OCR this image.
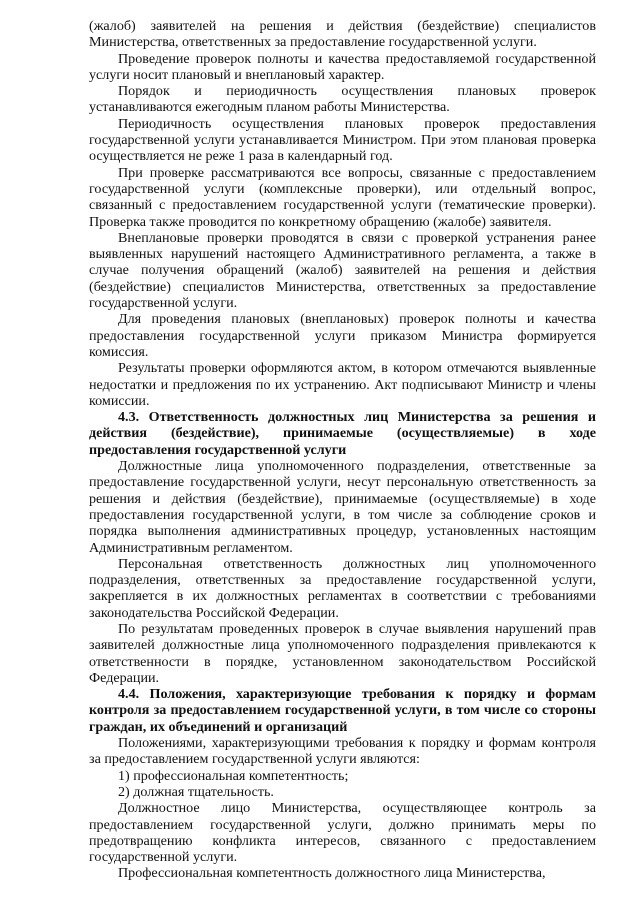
(жалоб) заявителей на решения и действия (бездействие) специалистов Министерства, ответственных за предоставление государственной услуги.

Проведение проверок полноты и качества предоставляемой государственной услуги носит плановый и внеплановый характер.

Порядок и периодичность осуществления плановых проверок устанавливаются ежегодным планом работы Министерства.

Периодичность осуществления плановых проверок предоставления государственной услуги устанавливается Министром. При этом плановая проверка осуществляется не реже 1 раза в календарный год.

При проверке рассматриваются все вопросы, связанные с предоставлением государственной услуги (комплексные проверки), или отдельный вопрос, связанный с предоставлением государственной услуги (тематические проверки). Проверка также проводится по конкретному обращению (жалобе) заявителя.

Внеплановые проверки проводятся в связи с проверкой устранения ранее выявленных нарушений настоящего Административного регламента, а также в случае получения обращений (жалоб) заявителей на решения и действия (бездействие) специалистов Министерства, ответственных за предоставление государственной услуги.

Для проведения плановых (внеплановых) проверок полноты и качества предоставления государственной услуги приказом Министра формируется комиссия.

Результаты проверки оформляются актом, в котором отмечаются выявленные недостатки и предложения по их устранению. Акт подписывают Министр и члены комиссии.

4.3. Ответственность должностных лиц Министерства за решения и действия (бездействие), принимаемые (осуществляемые) в ходе предоставления государственной услуги

Должностные лица уполномоченного подразделения, ответственные за предоставление государственной услуги, несут персональную ответственность за решения и действия (бездействие), принимаемые (осуществляемые) в ходе предоставления государственной услуги, в том числе за соблюдение сроков и порядка выполнения административных процедур, установленных настоящим Административным регламентом.

Персональная ответственность должностных лиц уполномоченного подразделения, ответственных за предоставление государственной услуги, закрепляется в их должностных регламентах в соответствии с требованиями законодательства Российской Федерации.

По результатам проведенных проверок в случае выявления нарушений прав заявителей должностные лица уполномоченного подразделения привлекаются к ответственности в порядке, установленном законодательством Российской Федерации.

4.4. Положения, характеризующие требования к порядку и формам контроля за предоставлением государственной услуги, в том числе со стороны граждан, их объединений и организаций

Положениями, характеризующими требования к порядку и формам контроля за предоставлением государственной услуги являются:

1) профессиональная компетентность;

2) должная тщательность.

Должностное лицо Министерства, осуществляющее контроль за предоставлением государственной услуги, должно принимать меры по предотвращению конфликта интересов, связанного с предоставлением государственной услуги.

Профессиональная компетентность должностного лица Министерства,
